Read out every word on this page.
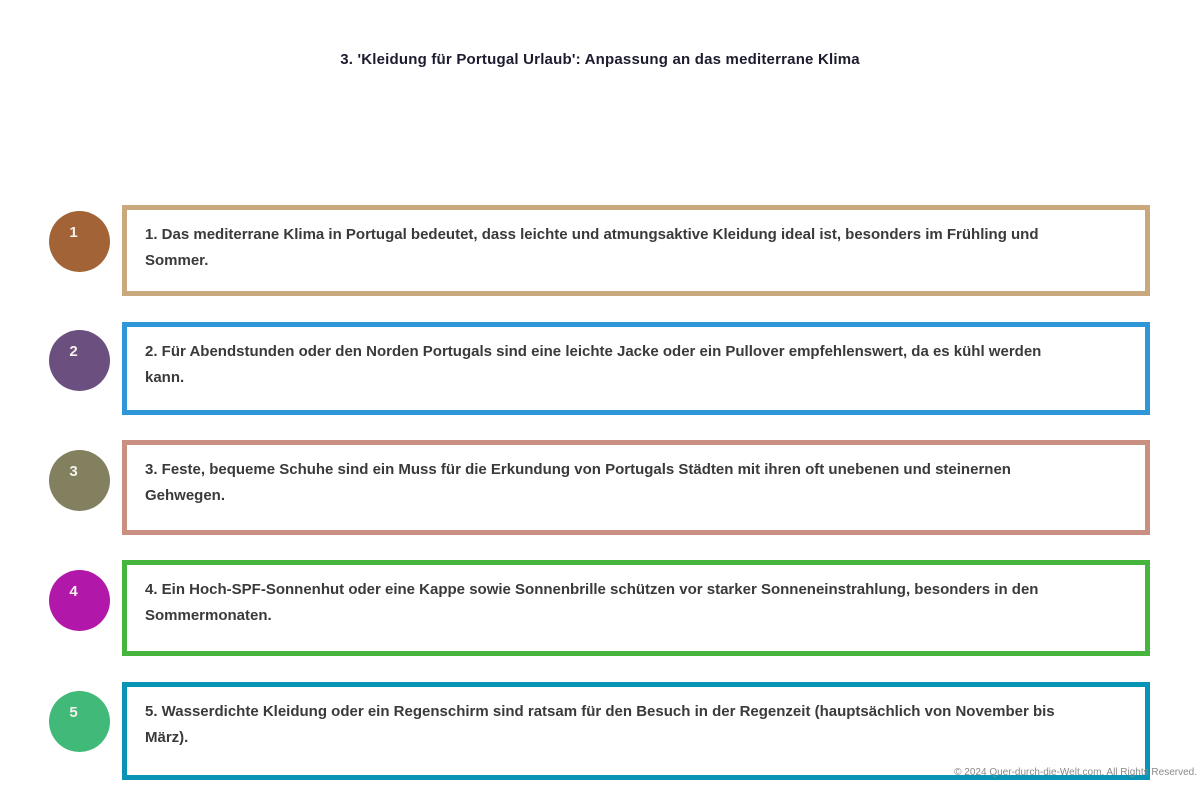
3. 'Kleidung für Portugal Urlaub': Anpassung an das mediterrane Klima
1	1. Das mediterrane Klima in Portugal bedeutet, dass leichte und atmungsaktive Kleidung ideal ist, besonders im Frühling und Sommer.
2	2. Für Abendstunden oder den Norden Portugals sind eine leichte Jacke oder ein Pullover empfehlenswert, da es kühl werden kann.
3	3. Feste, bequeme Schuhe sind ein Muss für die Erkundung von Portugals Städten mit ihren oft unebenen und steinernen Gehwegen.
4	4. Ein Hoch-SPF-Sonnenhut oder eine Kappe sowie Sonnenbrille schützen vor starker Sonneneinstrahlung, besonders in den Sommermonaten.
5	5. Wasserdichte Kleidung oder ein Regenschirm sind ratsam für den Besuch in der Regenzeit (hauptsächlich von November bis März).
© 2024 Quer-durch-die-Welt.com. All Rights Reserved.
